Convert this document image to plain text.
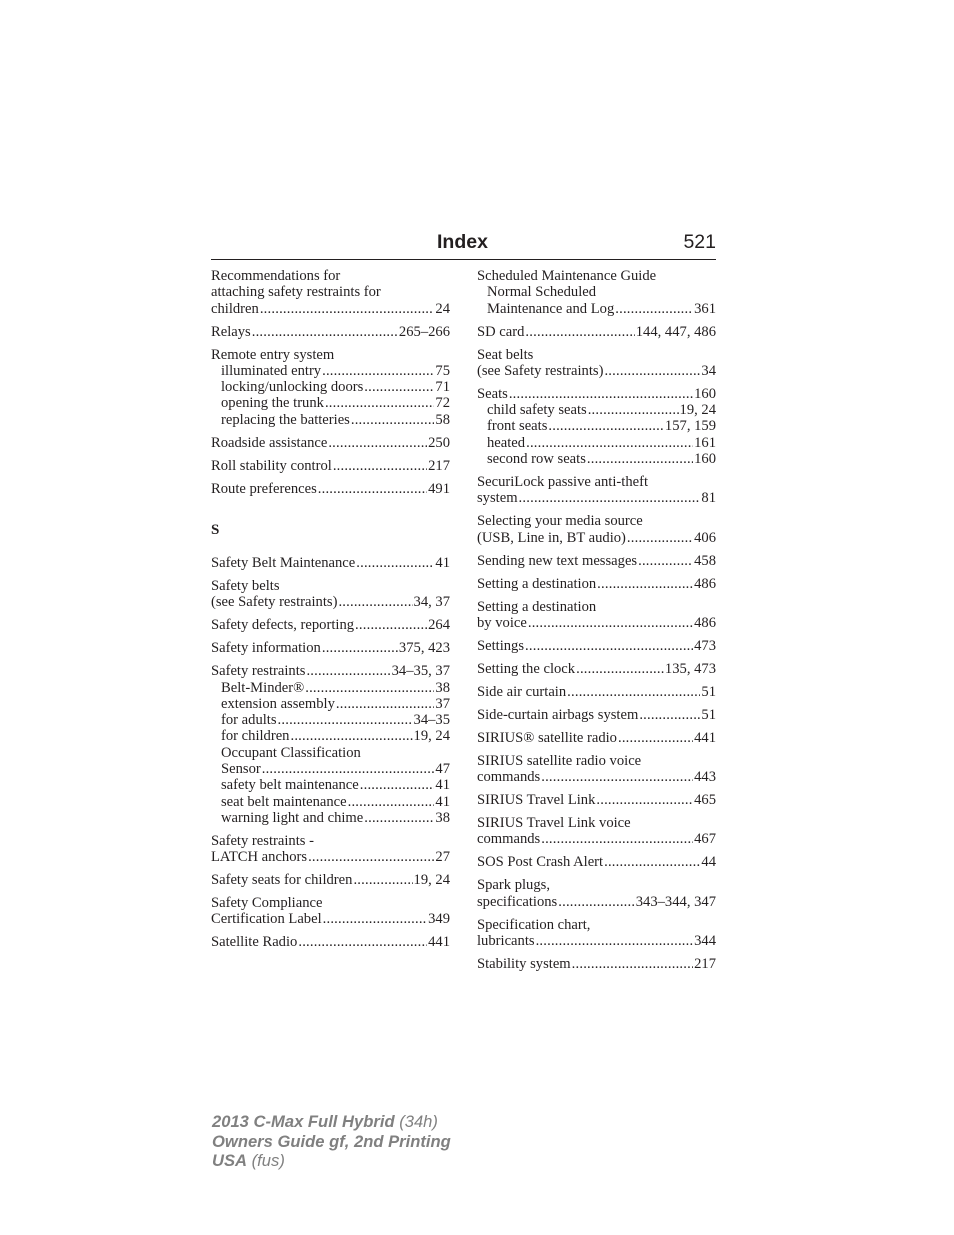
Index	521
Recommendations for
attaching safety restraints for
children .....	24
Relays .....	265–266
Remote entry system
illuminated entry .....	75
locking/unlocking doors .....	71
opening the trunk .....	72
replacing the batteries .....	58
Roadside assistance .....	250
Roll stability control .....	217
Route preferences .....	491
S
Safety Belt Maintenance .....	41
Safety belts
(see Safety restraints) .....	34, 37
Safety defects, reporting .....	264
Safety information .....	375, 423
Safety restraints .....	34–35, 37
Belt-Minder® .....	38
extension assembly .....	37
for adults .....	34–35
for children .....	19, 24
Occupant Classification
Sensor .....	47
safety belt maintenance .....	41
seat belt maintenance .....	41
warning light and chime .....	38
Safety restraints -
LATCH anchors .....	27
Safety seats for children .....	19, 24
Safety Compliance
Certification Label .....	349
Satellite Radio .....	441
Scheduled Maintenance Guide
Normal Scheduled
Maintenance and Log .....	361
SD card .....	144, 447, 486
Seat belts
(see Safety restraints) .....	34
Seats .....	160
child safety seats .....	19, 24
front seats .....	157, 159
heated .....	161
second row seats .....	160
SecuriLock passive anti-theft
system .....	81
Selecting your media source
(USB, Line in, BT audio) .....	406
Sending new text messages .....	458
Setting a destination .....	486
Setting a destination
by voice .....	486
Settings .....	473
Setting the clock .....	135, 473
Side air curtain .....	51
Side-curtain airbags system .....	51
SIRIUS® satellite radio .....	441
SIRIUS satellite radio voice
commands .....	443
SIRIUS Travel Link .....	465
SIRIUS Travel Link voice
commands .....	467
SOS Post Crash Alert .....	44
Spark plugs,
specifications .....	343–344, 347
Specification chart,
lubricants .....	344
Stability system .....	217
2013 C-Max Full Hybrid (34h)
Owners Guide gf, 2nd Printing
USA (fus)
